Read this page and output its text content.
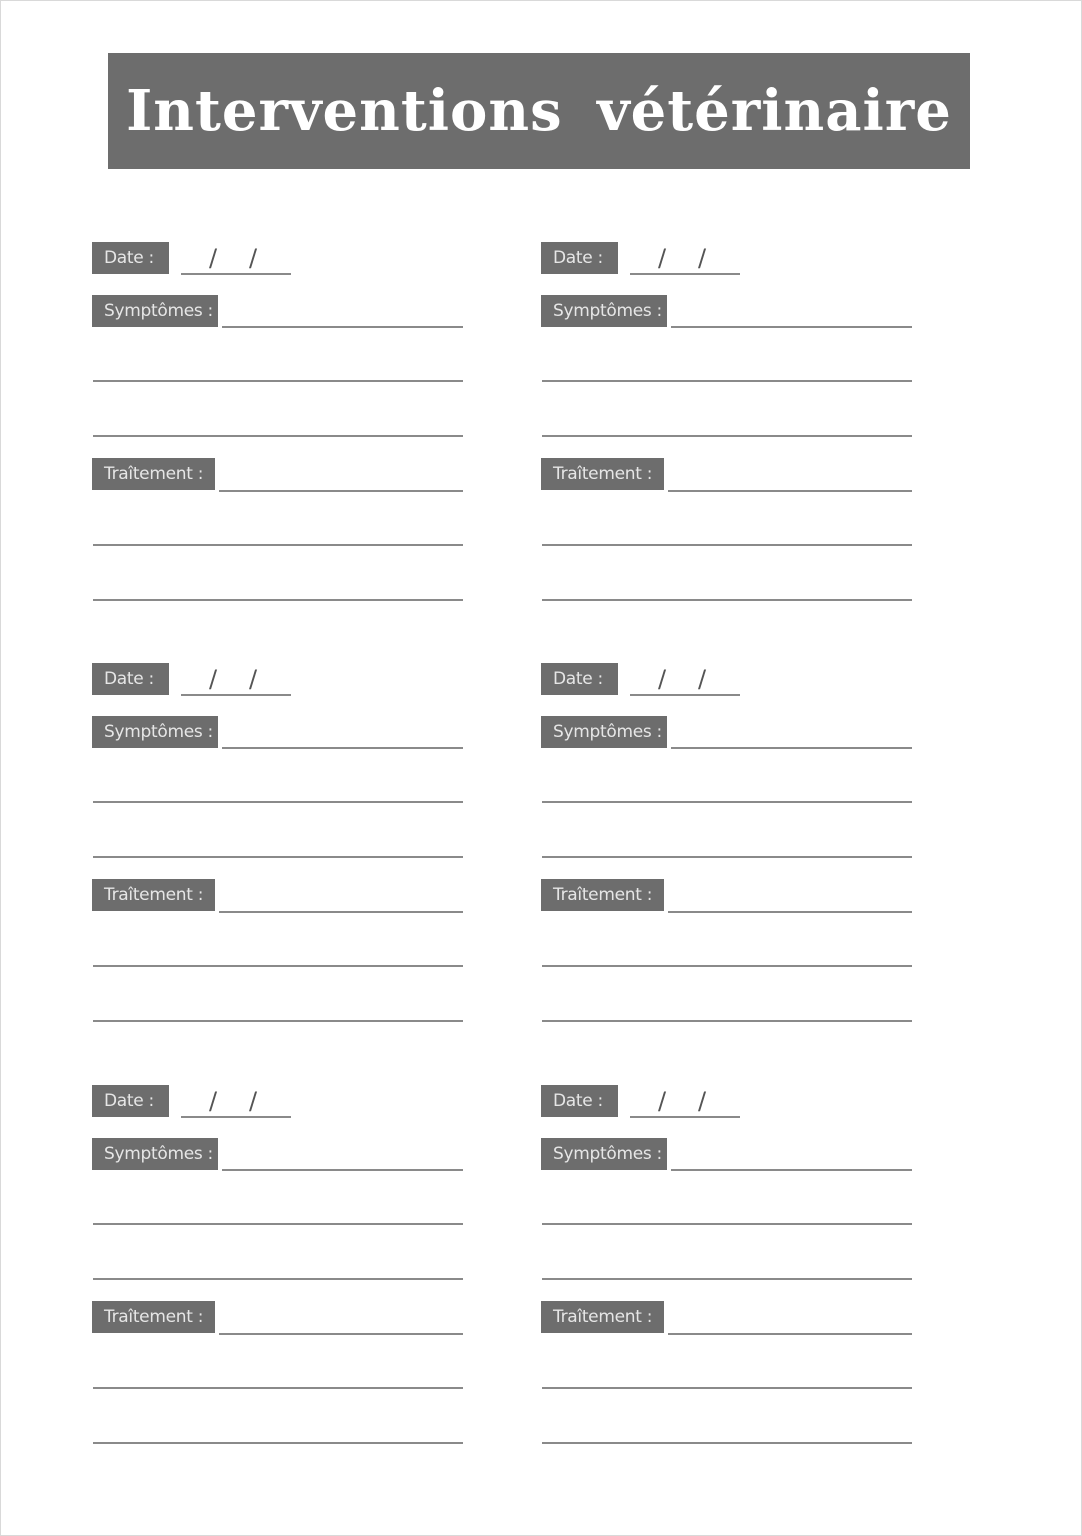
Interventions vétérinaire
Date :	/ /
Symptômes :
Traîtement :
Date :	/ /
Symptômes :
Traîtement :
Date :	/ /
Symptômes :
Traîtement :
Date :	/ /
Symptômes :
Traîtement :
Date :	/ /
Symptômes :
Traîtement :
Date :	/ /
Symptômes :
Traîtement :
